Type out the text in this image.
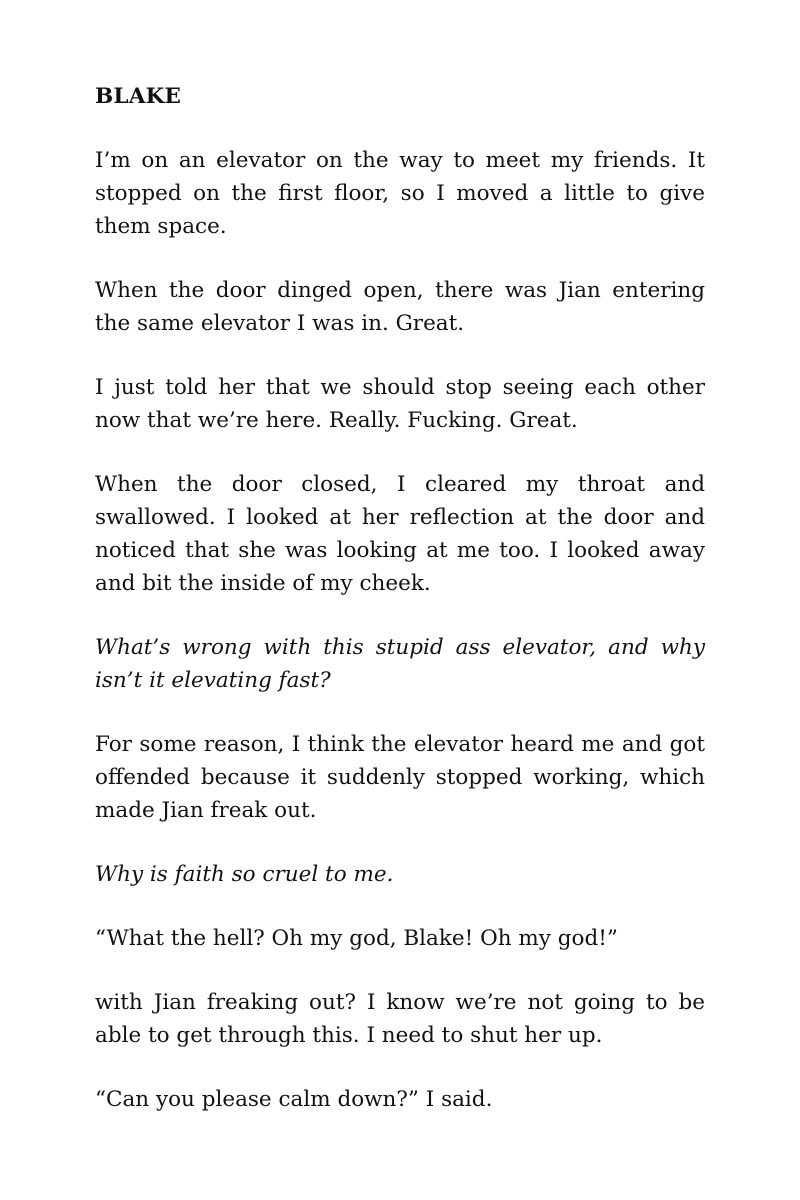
BLAKE

I’m on an elevator on the way to meet my friends. It stopped on the first floor, so I moved a little to give them space.

When the door dinged open, there was Jian entering the same elevator I was in. Great.

I just told her that we should stop seeing each other now that we’re here. Really. Fucking. Great.

When the door closed, I cleared my throat and swallowed. I looked at her reflection at the door and noticed that she was looking at me too. I looked away and bit the inside of my cheek.

What’s wrong with this stupid ass elevator, and why isn’t it elevating fast?

For some reason, I think the elevator heard me and got offended because it suddenly stopped working, which made Jian freak out.

Why is faith so cruel to me.

“What the hell? Oh my god, Blake! Oh my god!”

with Jian freaking out? I know we’re not going to be able to get through this. I need to shut her up.

“Can you please calm down?” I said.
